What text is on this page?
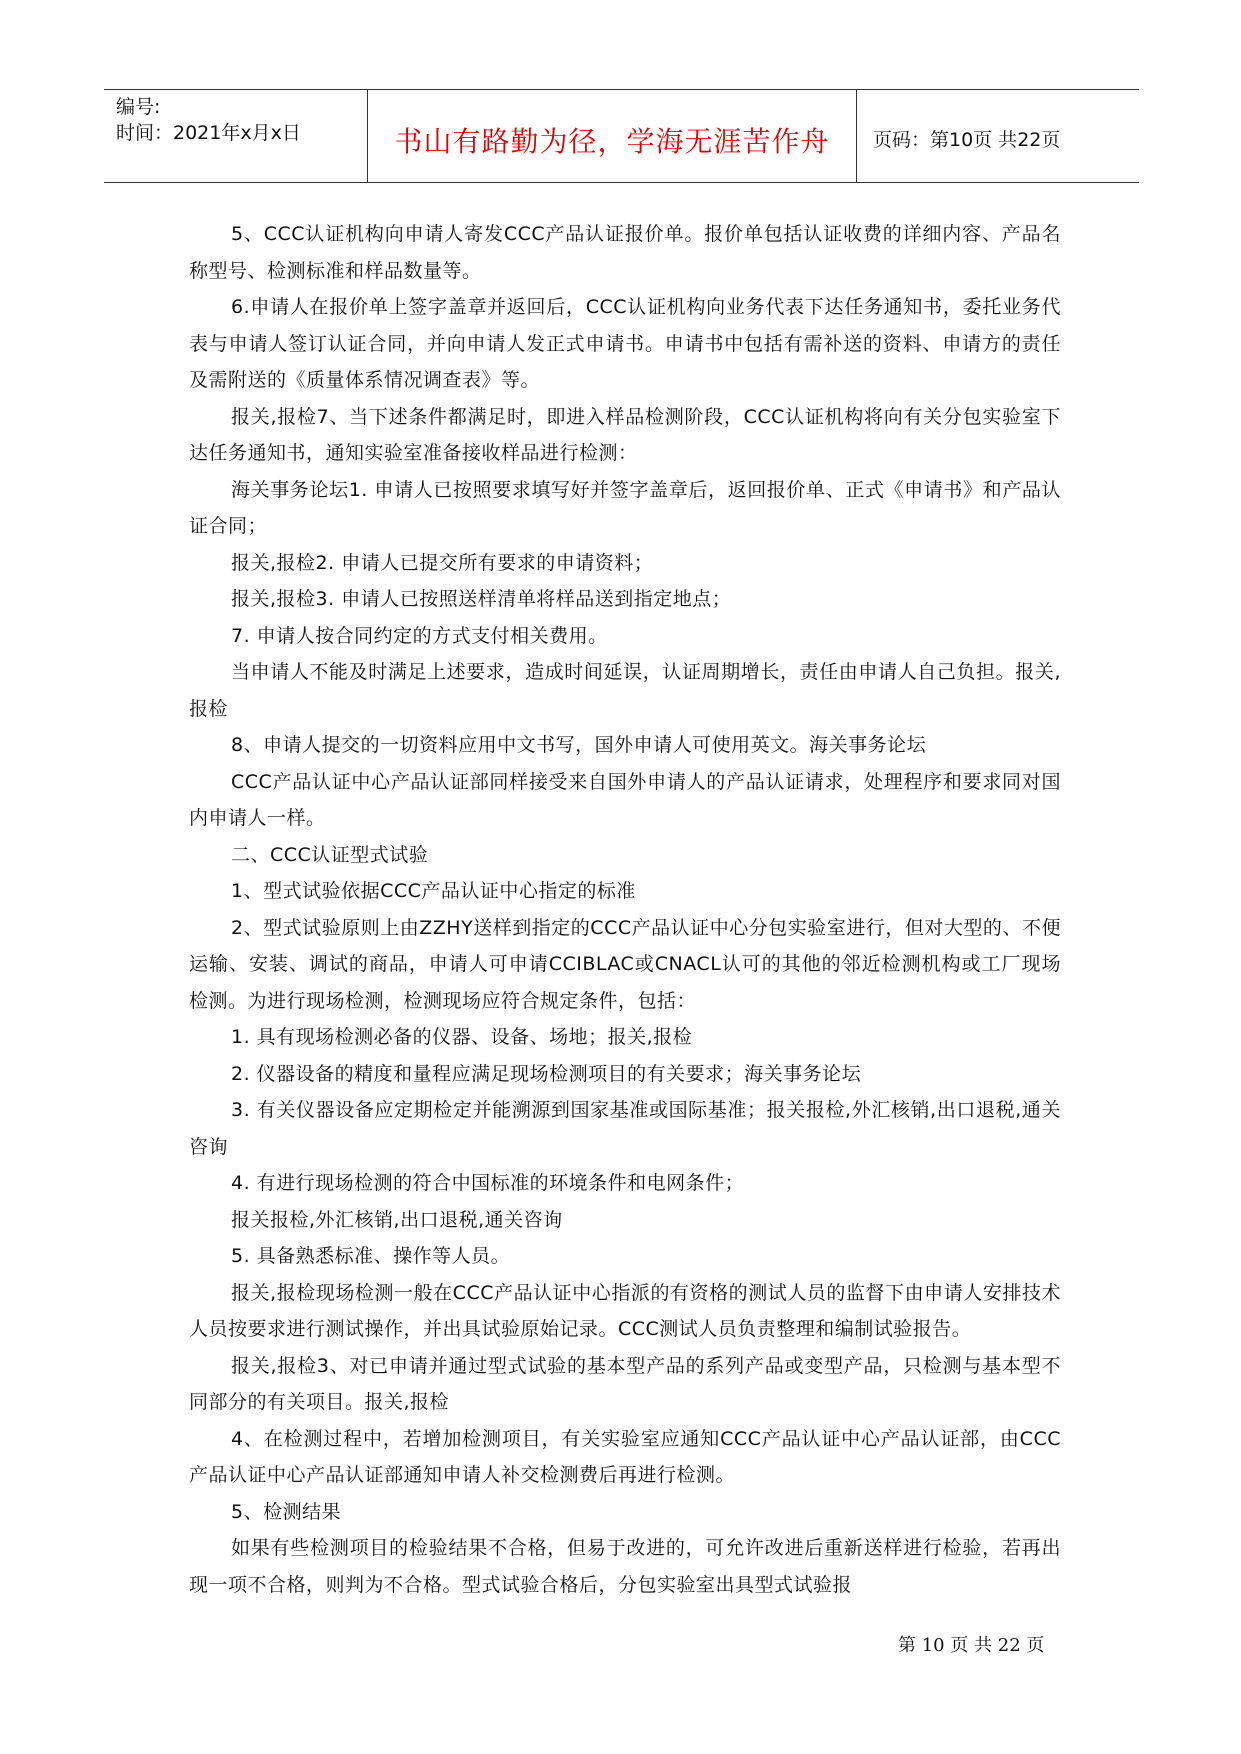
编号:
时间：2021年x月x日	书山有路勤为径，学海无涯苦作舟	页码：第10页 共22页

5、CCC认证机构向申请人寄发CCC产品认证报价单。报价单包括认证收费的详细内容、产品名称型号、检测标准和样品数量等。

6.申请人在报价单上签字盖章并返回后，CCC认证机构向业务代表下达任务通知书，委托业务代表与申请人签订认证合同，并向申请人发正式申请书。申请书中包括有需补送的资料、申请方的责任及需附送的《质量体系情况调查表》等。

报关,报检7、当下述条件都满足时，即进入样品检测阶段，CCC认证机构将向有关分包实验室下达任务通知书，通知实验室准备接收样品进行检测：

海关事务论坛1. 申请人已按照要求填写好并签字盖章后，返回报价单、正式《申请书》和产品认证合同；

报关,报检2. 申请人已提交所有要求的申请资料；

报关,报检3. 申请人已按照送样清单将样品送到指定地点；

7. 申请人按合同约定的方式支付相关费用。

当申请人不能及时满足上述要求，造成时间延误，认证周期增长，责任由申请人自己负担。报关,报检

8、申请人提交的一切资料应用中文书写，国外申请人可使用英文。海关事务论坛

CCC产品认证中心产品认证部同样接受来自国外申请人的产品认证请求，处理程序和要求同对国内申请人一样。

二、CCC认证型式试验

1、型式试验依据CCC产品认证中心指定的标准

2、型式试验原则上由ZZHY送样到指定的CCC产品认证中心分包实验室进行，但对大型的、不便运输、安装、调试的商品，申请人可申请CCIBLAC或CNACL认可的其他的邻近检测机构或工厂现场检测。为进行现场检测，检测现场应符合规定条件，包括：

1. 具有现场检测必备的仪器、设备、场地；报关,报检

2. 仪器设备的精度和量程应满足现场检测项目的有关要求；海关事务论坛

3. 有关仪器设备应定期检定并能溯源到国家基准或国际基准；报关报检,外汇核销,出口退税,通关咨询

4. 有进行现场检测的符合中国标准的环境条件和电网条件；

报关报检,外汇核销,出口退税,通关咨询

5. 具备熟悉标准、操作等人员。

报关,报检现场检测一般在CCC产品认证中心指派的有资格的测试人员的监督下由申请人安排技术人员按要求进行测试操作，并出具试验原始记录。CCC测试人员负责整理和编制试验报告。

报关,报检3、对已申请并通过型式试验的基本型产品的系列产品或变型产品，只检测与基本型不同部分的有关项目。报关,报检

4、在检测过程中，若增加检测项目，有关实验室应通知CCC产品认证中心产品认证部，由CCC产品认证中心产品认证部通知申请人补交检测费后再进行检测。

5、检测结果

如果有些检测项目的检验结果不合格，但易于改进的，可允许改进后重新送样进行检验，若再出现一项不合格，则判为不合格。型式试验合格后，分包实验室出具型式试验报

第 10 页 共 22 页
